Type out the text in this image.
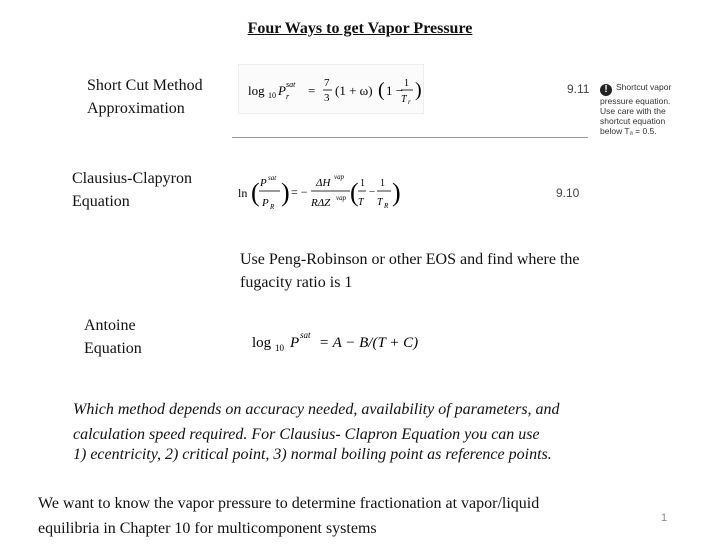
Four Ways to get Vapor Pressure
Short Cut Method
Approximation
log 10 P sat
r = 7
3 (1 + ω) ( 1 − 1
T r
)	9.11	! Shortcut vapor
pressure equation.
Use care with the
shortcut equation
below Tₐ = 0.5.
Clausius-Clapyron
Equation	ln ( P sat
P R ) = −
ΔH vap
RΔZ vap ( 1
T
−
1
T R )	9.10
Use Peng-Robinson or other EOS and find where the
fugacity ratio is 1
Antoine
Equation	log 10 P sat = A − B/(T + C)
Which method depends on accuracy needed, availability of parameters, and
calculation speed required. For Clausius- Clapron Equation you can use
1) ecentricity, 2) critical point, 3) normal boiling point as reference points.
We want to know the vapor pressure to determine fractionation at vapor/liquid
equilibria in Chapter 10 for multicomponent systems
1
